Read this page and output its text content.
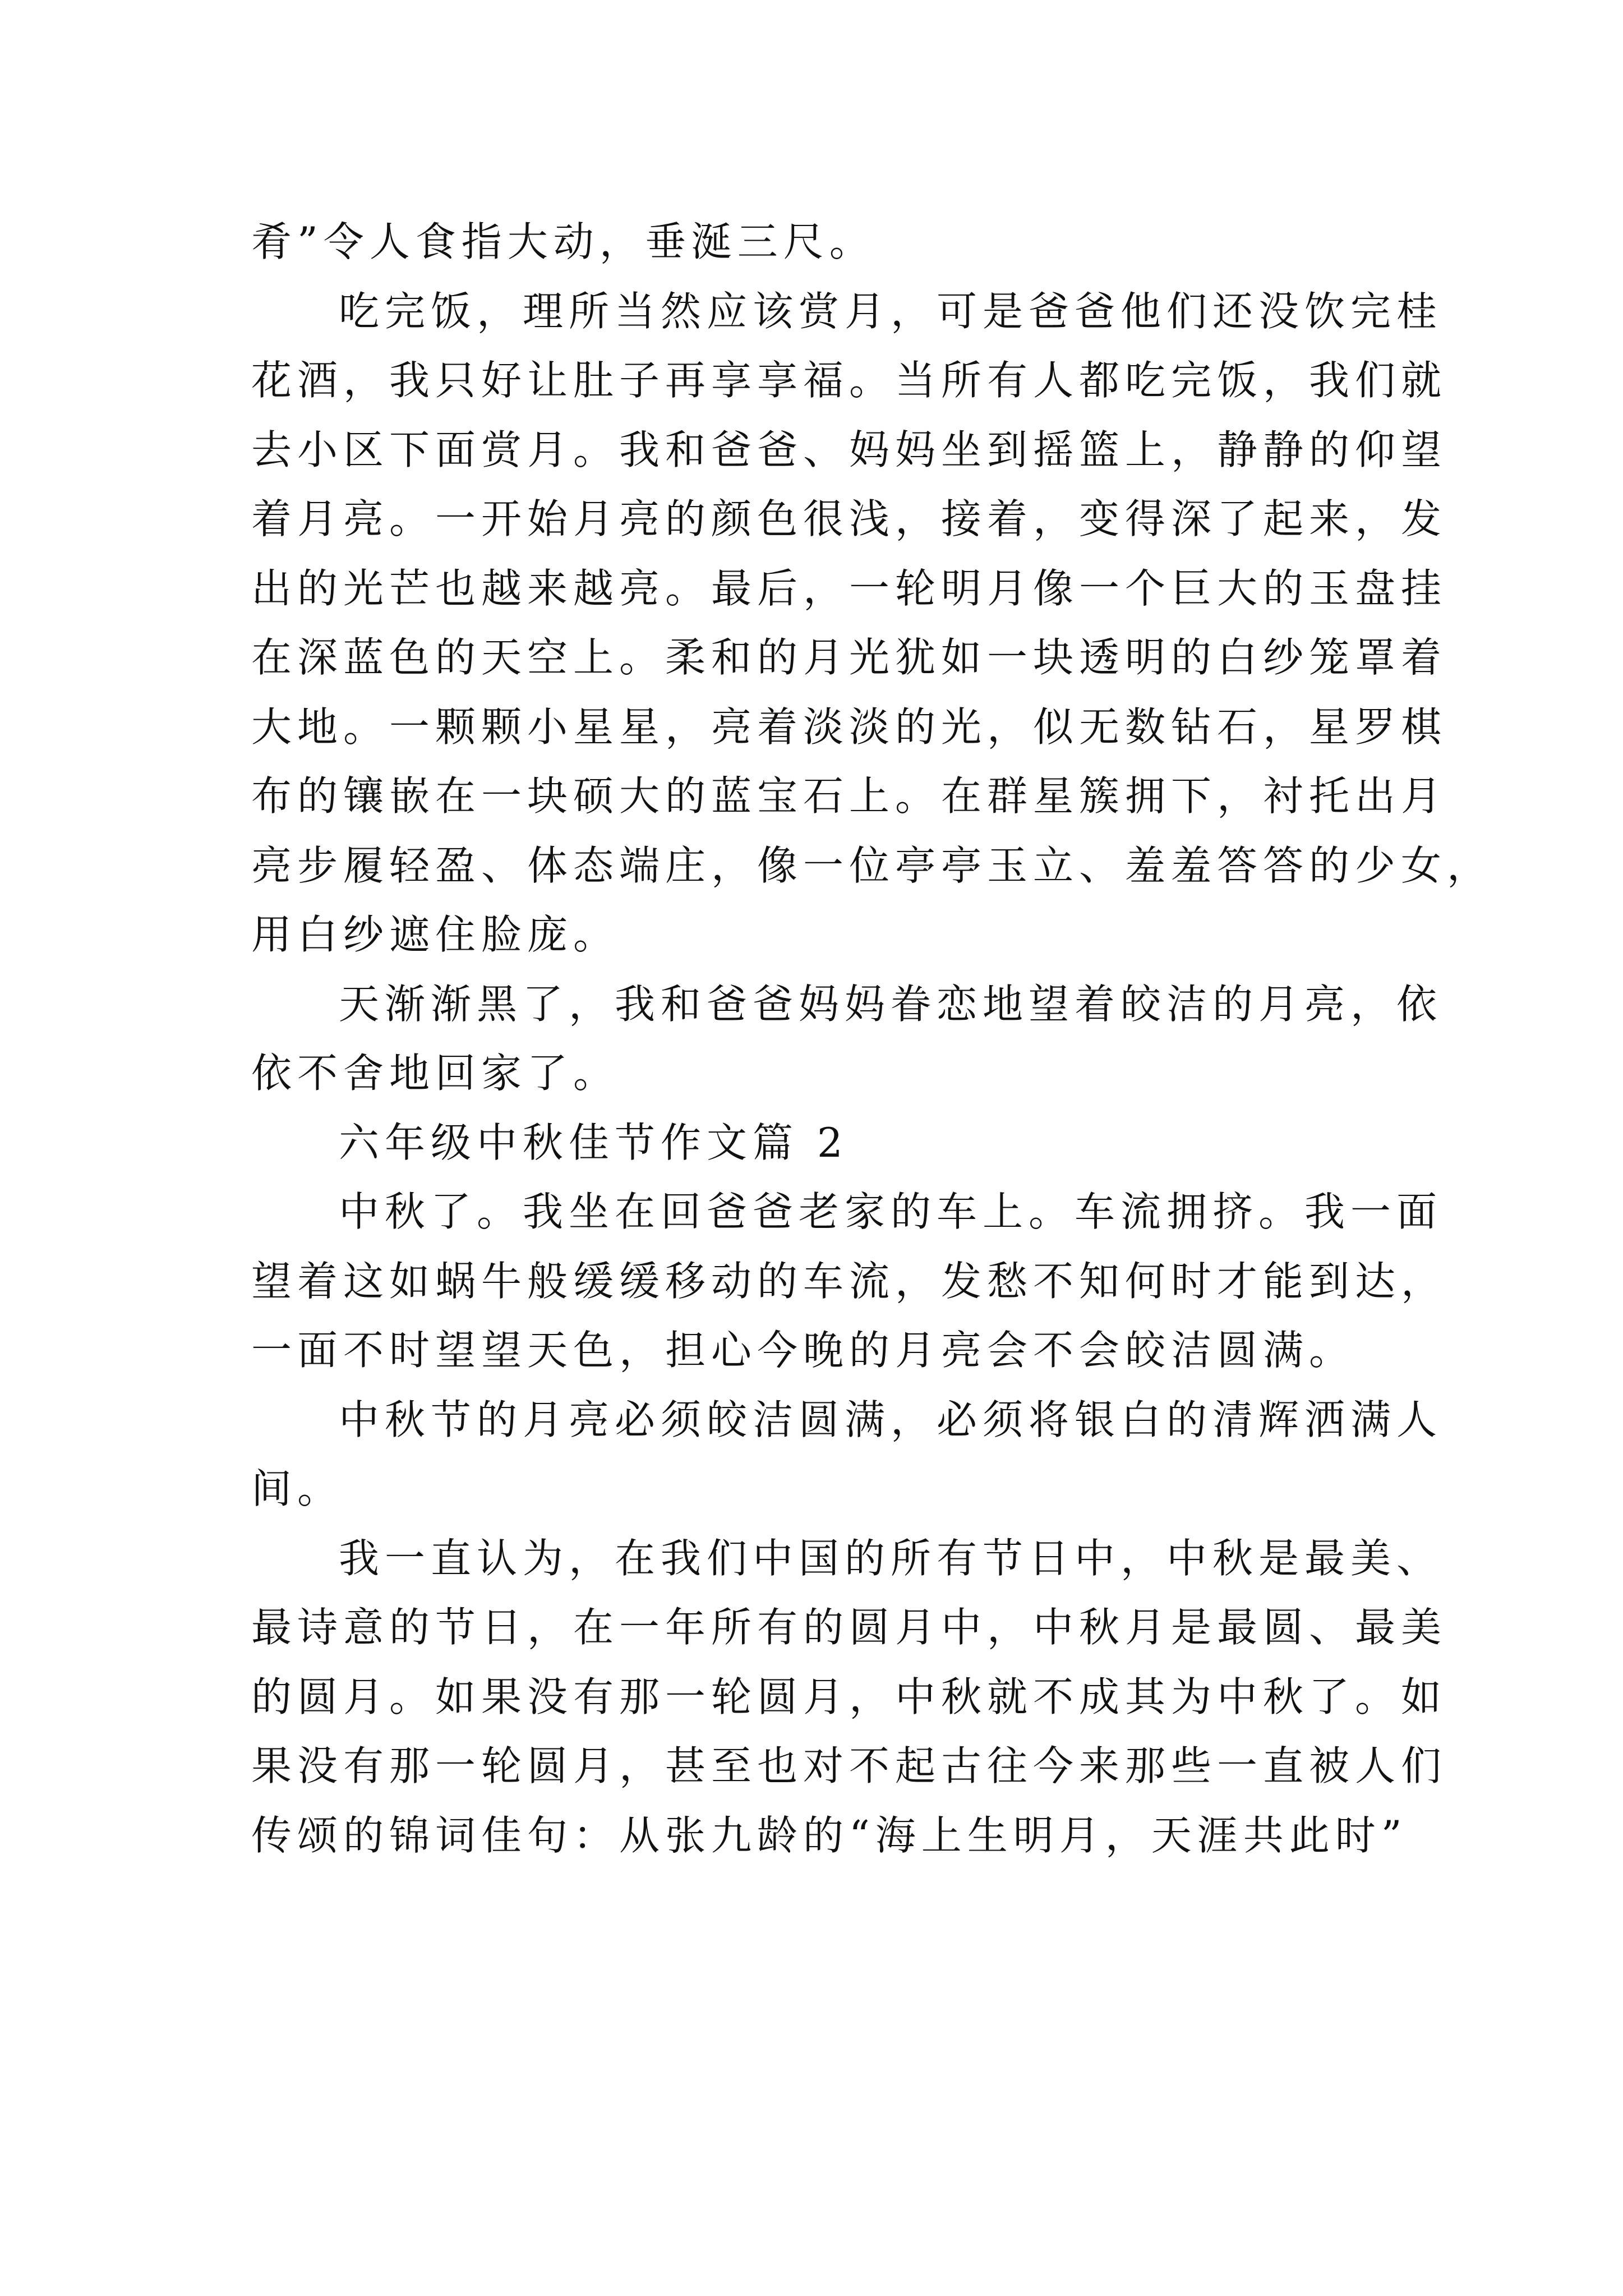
肴”令人食指大动，垂涎三尺。
吃完饭，理所当然应该赏月，可是爸爸他们还没饮完桂
花酒，我只好让肚子再享享福。当所有人都吃完饭，我们就
去小区下面赏月。我和爸爸、妈妈坐到摇篮上，静静的仰望
着月亮。一开始月亮的颜色很浅，接着，变得深了起来，发
出的光芒也越来越亮。最后，一轮明月像一个巨大的玉盘挂
在深蓝色的天空上。柔和的月光犹如一块透明的白纱笼罩着
大地。一颗颗小星星，亮着淡淡的光，似无数钻石，星罗棋
布的镶嵌在一块硕大的蓝宝石上。在群星簇拥下，衬托出月
亮步履轻盈、体态端庄，像一位亭亭玉立、羞羞答答的少女，
用白纱遮住脸庞。
天渐渐黑了，我和爸爸妈妈眷恋地望着皎洁的月亮，依
依不舍地回家了。
六年级中秋佳节作文篇 2
中秋了。我坐在回爸爸老家的车上。车流拥挤。我一面
望着这如蜗牛般缓缓移动的车流，发愁不知何时才能到达，
一面不时望望天色，担心今晚的月亮会不会皎洁圆满。
中秋节的月亮必须皎洁圆满，必须将银白的清辉洒满人
间。
我一直认为，在我们中国的所有节日中，中秋是最美、
最诗意的节日，在一年所有的圆月中，中秋月是最圆、最美
的圆月。如果没有那一轮圆月，中秋就不成其为中秋了。如
果没有那一轮圆月，甚至也对不起古往今来那些一直被人们
传颂的锦词佳句：从张九龄的“海上生明月，天涯共此时”
